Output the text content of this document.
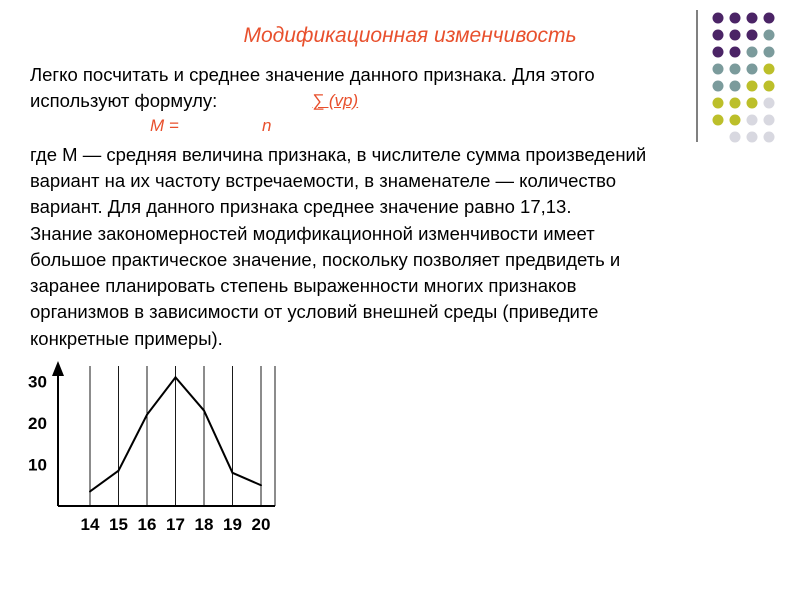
Модификационная изменчивость
Легко посчитать и среднее значение данного признака. Для этого
используют формулу:	∑ (vp)
M =	n
где M — средняя величина признака, в числителе сумма произведений
вариант на их частоту встречаемости, в знаменателе — количество
вариант. Для данного признака среднее значение равно 17,13.
Знание закономерностей модификационной изменчивости имеет
большое практическое значение, поскольку позволяет предвидеть и
заранее планировать степень выраженности многих признаков
организмов в зависимости от условий внешней среды (приведите
конкретные примеры).
10
20
30
14 15 16 17 18 19 20
